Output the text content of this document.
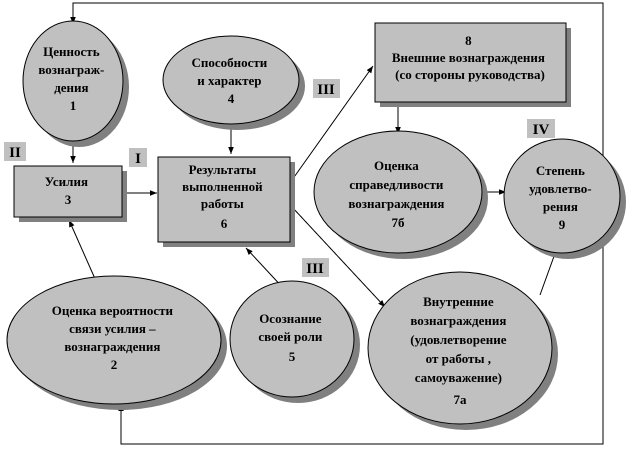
Ценность вознаграж- дения 1
Усилия 3
Способности и характер 4
Результаты выполненной работы 6
8 Внешние вознаграждения (со стороны руководства)
Оценка справедливости вознаграждения 7б
Степень удовлетво- рения 9
Оценка вероятности связи усилия – вознаграждения 2
Осознание своей роли 5
Внутренние вознаграждения (удовлетворение от работы , самоуважение) 7а
II	I
III
III
IV
